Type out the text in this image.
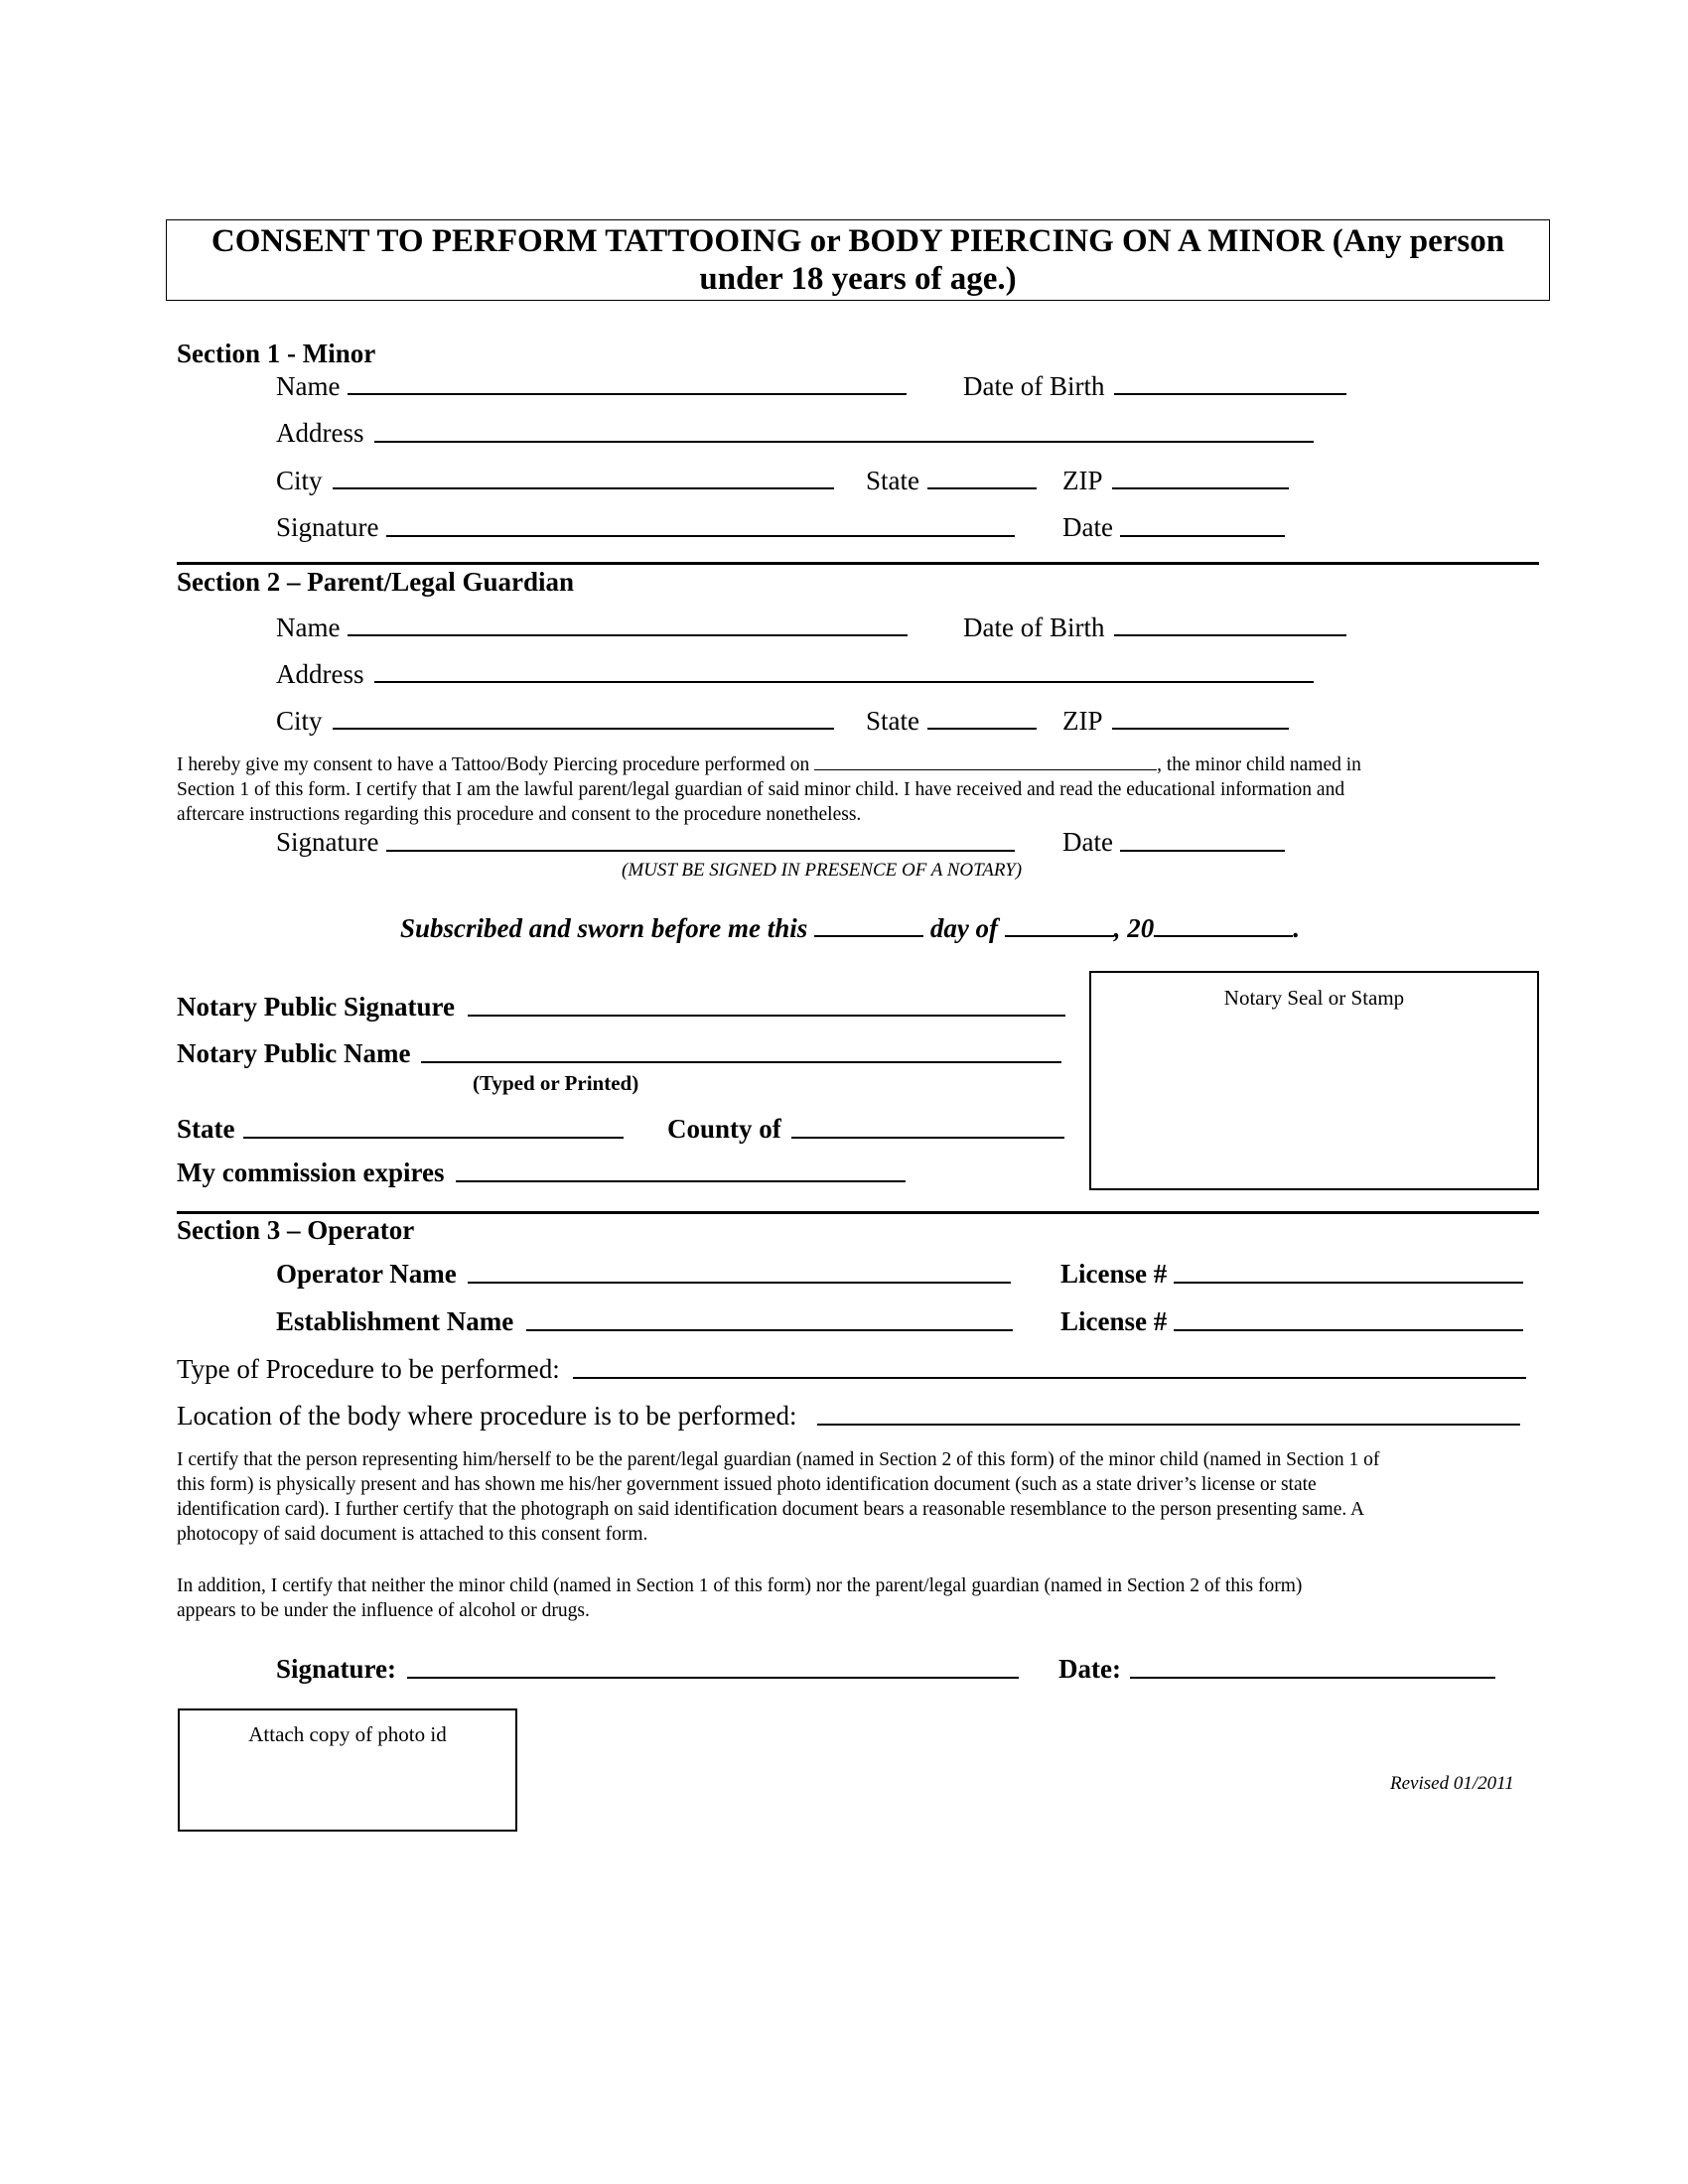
CONSENT TO PERFORM TATTOOING or BODY PIERCING ON A MINOR (Any person under 18 years of age.)
Section 1 - Minor
Name	Date of Birth
Address
City	State	ZIP
Signature	Date
Section 2 – Parent/Legal Guardian
Name	Date of Birth
Address
City	State	ZIP
I hereby give my consent to have a Tattoo/Body Piercing procedure performed on	, the minor child named in
Section 1 of this form. I certify that I am the lawful parent/legal guardian of said minor child. I have received and read the educational information and
aftercare instructions regarding this procedure and consent to the procedure nonetheless.
Signature	Date
(MUST BE SIGNED IN PRESENCE OF A NOTARY)
Subscribed and sworn before me this	day of	, 20	.
Notary Public Signature
Notary Public Name
(Typed or Printed)
State	County of
My commission expires
Notary Seal or Stamp
Section 3 – Operator
Operator Name	License #
Establishment Name	License #
Type of Procedure to be performed:
Location of the body where procedure is to be performed:
I certify that the person representing him/herself to be the parent/legal guardian (named in Section 2 of this form) of the minor child (named in Section 1 of
this form) is physically present and has shown me his/her government issued photo identification document (such as a state driver’s license or state
identification card). I further certify that the photograph on said identification document bears a reasonable resemblance to the person presenting same. A
photocopy of said document is attached to this consent form.
In addition, I certify that neither the minor child (named in Section 1 of this form) nor the parent/legal guardian (named in Section 2 of this form)
appears to be under the influence of alcohol or drugs.
Signature:	Date:
Attach copy of photo id
Revised 01/2011
